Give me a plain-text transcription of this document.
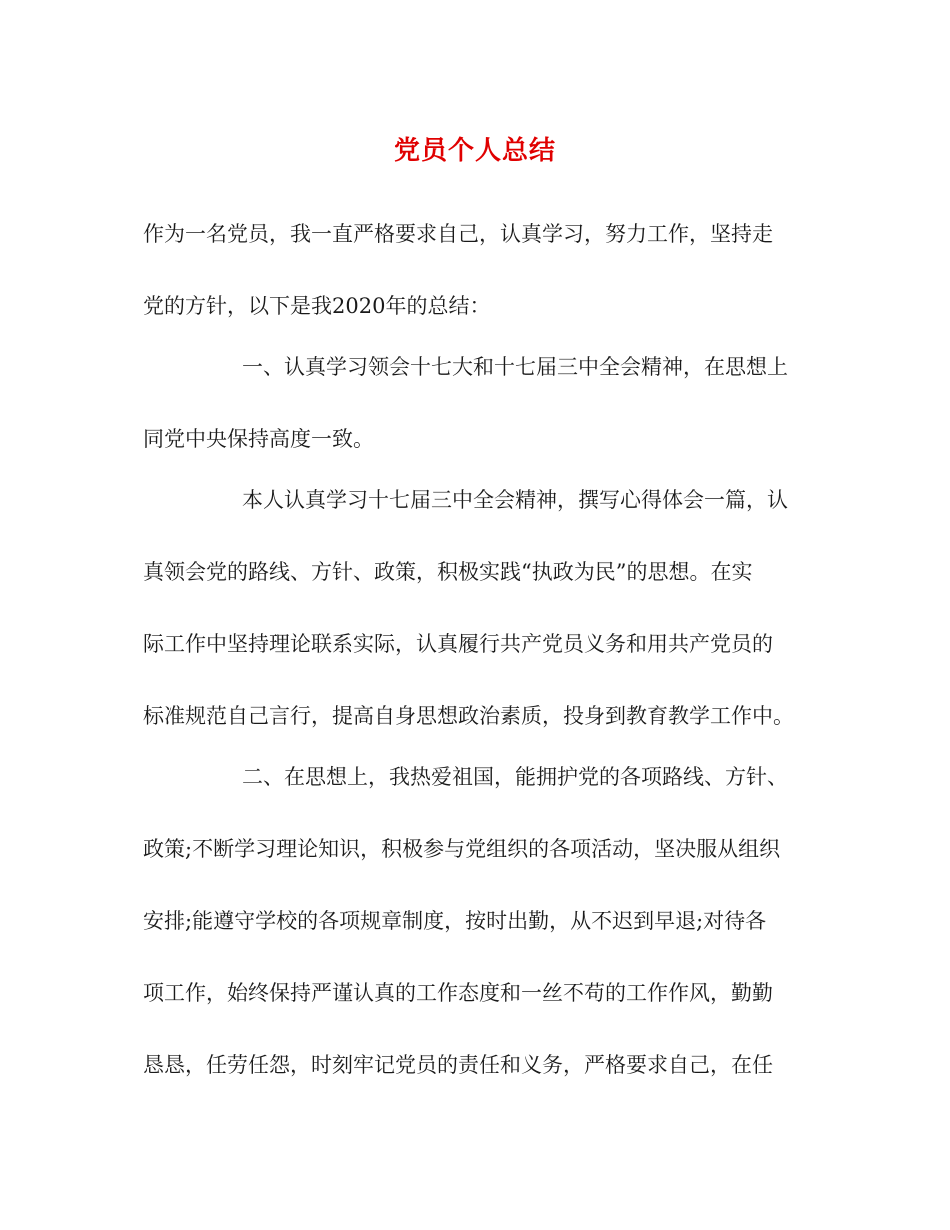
党员个人总结

作为一名党员，我一直严格要求自己，认真学习，努力工作，坚持走

党的方针，以下是我2020年的总结：

一、认真学习领会十七大和十七届三中全会精神，在思想上

同党中央保持高度一致。

本人认真学习十七届三中全会精神，撰写心得体会一篇，认

真领会党的路线、方针、政策，积极实践“执政为民”的思想。在实

际工作中坚持理论联系实际，认真履行共产党员义务和用共产党员的

标准规范自己言行，提高自身思想政治素质，投身到教育教学工作中。

二、在思想上，我热爱祖国，能拥护党的各项路线、方针、

政策;不断学习理论知识，积极参与党组织的各项活动，坚决服从组织

安排;能遵守学校的各项规章制度，按时出勤，从不迟到早退;对待各

项工作，始终保持严谨认真的工作态度和一丝不苟的工作作风，勤勤

恳恳，任劳任怨，时刻牢记党员的责任和义务，严格要求自己，在任
